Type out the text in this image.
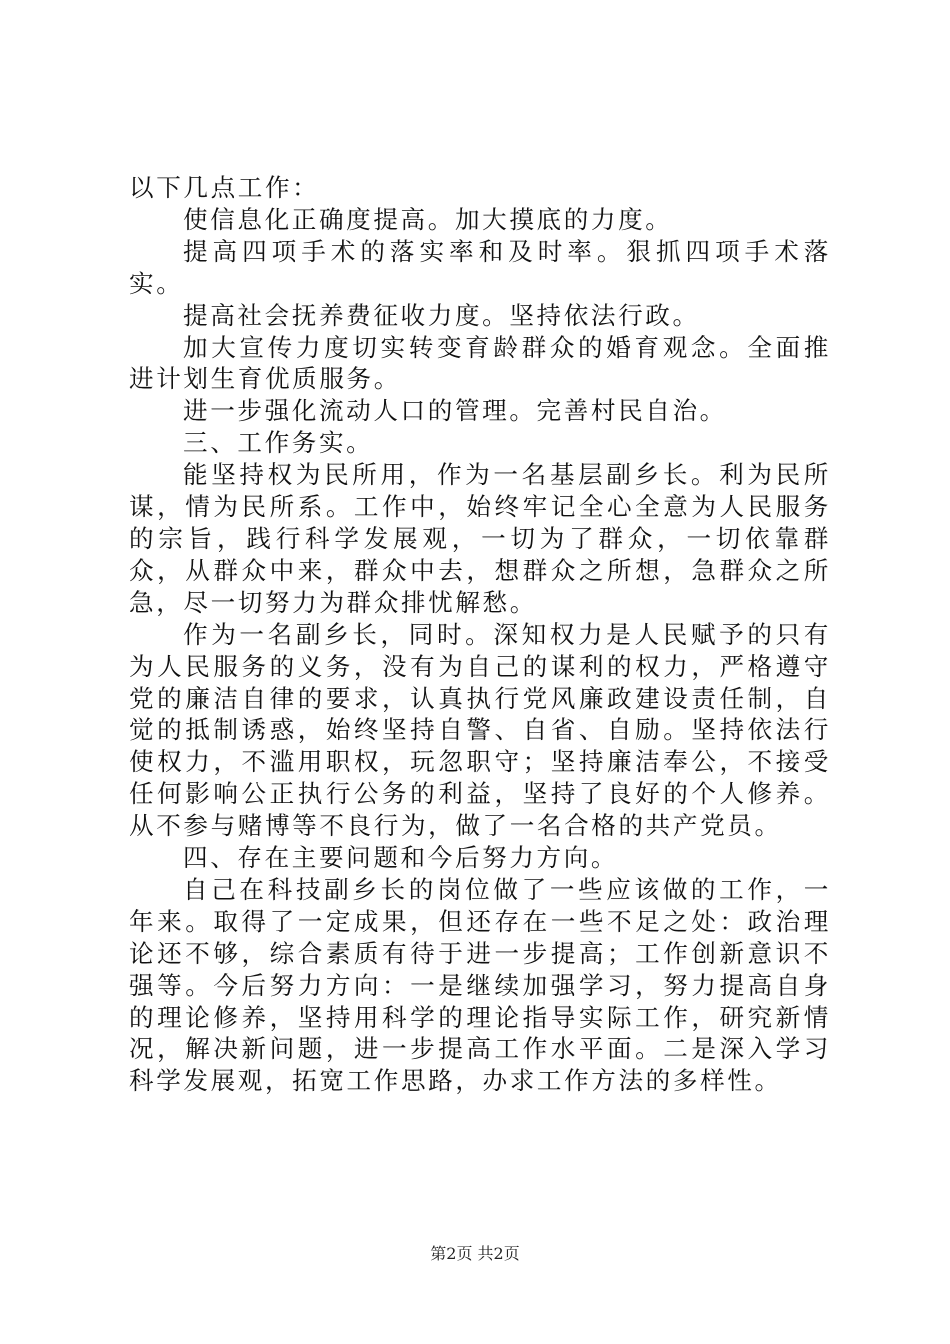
以下几点工作：

使信息化正确度提高。加大摸底的力度。

提高四项手术的落实率和及时率。狠抓四项手术落实。

提高社会抚养费征收力度。坚持依法行政。

加大宣传力度切实转变育龄群众的婚育观念。全面推进计划生育优质服务。

进一步强化流动人口的管理。完善村民自治。

三、工作务实。

能坚持权为民所用，作为一名基层副乡长。利为民所谋，情为民所系。工作中，始终牢记全心全意为人民服务的宗旨，践行科学发展观，一切为了群众，一切依靠群众，从群众中来，群众中去，想群众之所想，急群众之所急，尽一切努力为群众排忧解愁。

作为一名副乡长，同时。深知权力是人民赋予的只有为人民服务的义务，没有为自己的谋利的权力，严格遵守党的廉洁自律的要求，认真执行党风廉政建设责任制，自觉的抵制诱惑，始终坚持自警、自省、自励。坚持依法行使权力，不滥用职权，玩忽职守；坚持廉洁奉公，不接受任何影响公正执行公务的利益，坚持了良好的个人修养。从不参与赌博等不良行为，做了一名合格的共产党员。

四、存在主要问题和今后努力方向。

自己在科技副乡长的岗位做了一些应该做的工作，一年来。取得了一定成果，但还存在一些不足之处：政治理论还不够，综合素质有待于进一步提高；工作创新意识不强等。今后努力方向：一是继续加强学习，努力提高自身的理论修养，坚持用科学的理论指导实际工作，研究新情况，解决新问题，进一步提高工作水平面。二是深入学习科学发展观，拓宽工作思路，办求工作方法的多样性。

第2页 共2页
